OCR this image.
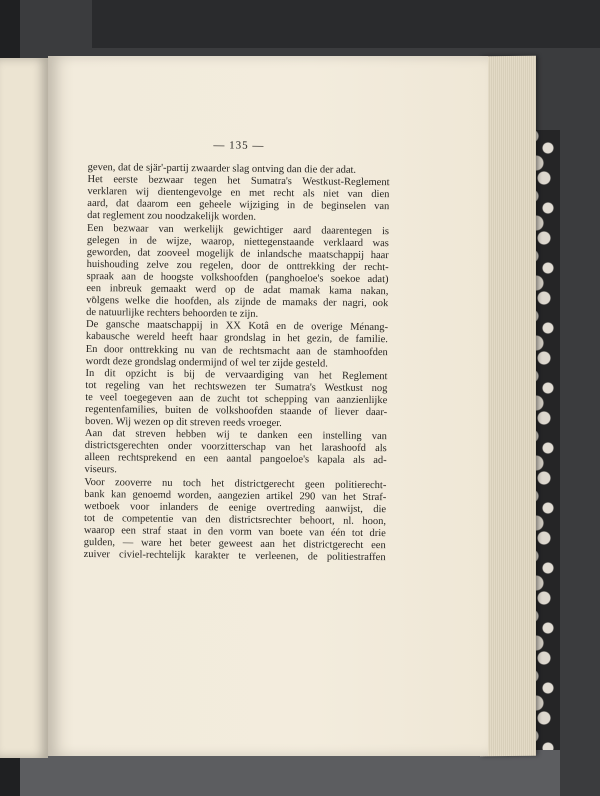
— 135 —
geven, dat de sjär'-partij zwaarder slag ontving dan die der adat.
Het eerste bezwaar tegen het Sumatra's Westkust-Reglement
verklaren wij dientengevolge en met recht als niet van dien
aard, dat daarom een geheele wijziging in de beginselen van
dat reglement zou noodzakelijk worden.
Een bezwaar van werkelijk gewichtiger aard daarentegen is
gelegen in de wijze, waarop, niettegenstaande verklaard was
geworden, dat zooveel mogelijk de inlandsche maatschappij haar
huishouding zelve zou regelen, door de onttrekking der recht-
spraak aan de hoogste volkshoofden (panghoeloe's soekoe adat)
een inbreuk gemaakt werd op de adat mamak kama nakan,
volgens welke die hoofden, als zijnde de mamaks der nagri, ook
de natuurlijke rechters behoorden te zijn.
De gansche maatschappij in XX Kotâ en de overige Ménang-
kabausche wereld heeft haar grondslag in het gezin, de familie.
En door onttrekking nu van de rechtsmacht aan de stamhoofden
wordt deze grondslag ondermijnd of wel ter zijde gesteld.
In dit opzicht is bij de vervaardiging van het Reglement
tot regeling van het rechtswezen ter Sumatra's Westkust nog
te veel toegegeven aan de zucht tot schepping van aanzienlijke
regentenfamilies, buiten de volkshoofden staande of liever daar-
boven. Wij wezen op dit streven reeds vroeger.
Aan dat streven hebben wij te danken een instelling van
districtsgerechten onder voorzitterschap van het larashoofd als
alleen rechtsprekend en een aantal pangoeloe's kapala als ad-
viseurs.
Voor zooverre nu toch het districtgerecht geen politierecht-
bank kan genoemd worden, aangezien artikel 290 van het Straf-
wetboek voor inlanders de eenige overtreding aanwijst, die
tot de competentie van den districtsrechter behoort, nl. hoon,
waarop een straf staat in den vorm van boete van één tot drie
gulden, — ware het beter geweest aan het districtgerecht een
zuiver civiel-rechtelijk karakter te verleenen, de politiestraffen
